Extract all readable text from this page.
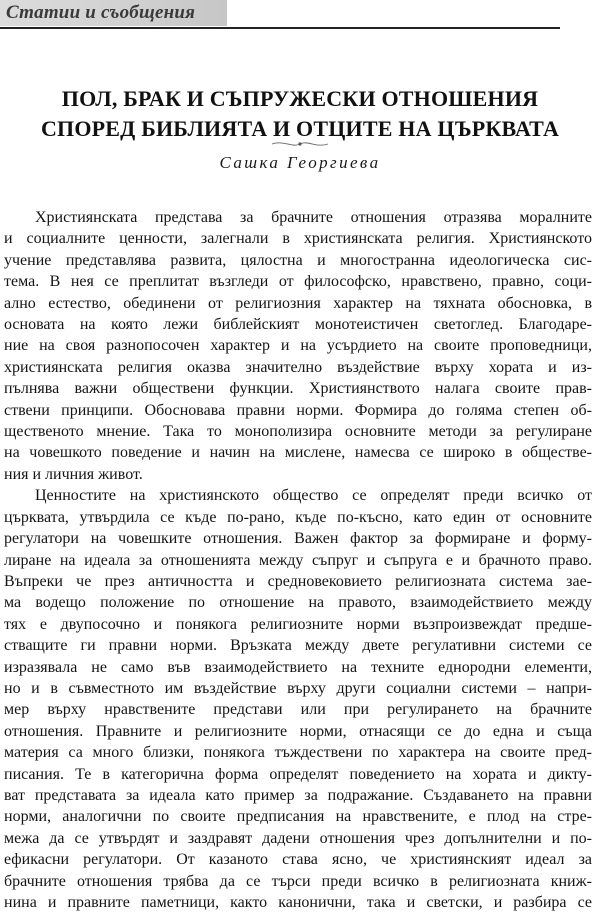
Статии и съобщения
ПОЛ, БРАК И СЪПРУЖЕСКИ ОТНОШЕНИЯ
СПОРЕД БИБЛИЯТА И ОТЦИТЕ НА ЦЪРКВАТА
Сашка Георгиева
Християнската представа за брачните отношения отразява моралните
и социалните ценности, залегнали в християнската религия. Християнското
учение представлява развита, цялостна и многостранна идеологическа сис-
тема. В нея се преплитат възгледи от философско, нравствено, правно, соци-
ално естество, обединени от религиозния характер на тяхната обосновка, в
основата на която лежи библейският монотеистичен светоглед. Благодаре-
ние на своя разнопосочен характер и на усърдието на своите проповедници,
християнската религия оказва значително въздействие върху хората и из-
пълнява важни обществени функции. Християнството налага своите прав-
ствени принципи. Обосновава правни норми. Формира до голяма степен об-
щественото мнение. Така то монополизира основните методи за регулиране
на човешкото поведение и начин на мислене, намесва се широко в обществе-
ния и личния живот.
Ценностите на християнското общество се определят преди всичко от
църквата, утвърдила се къде по-рано, къде по-късно, като един от основните
регулатори на човешките отношения. Важен фактор за формиране и форму-
лиране на идеала за отношенията между съпруг и съпруга е и брачното право.
Въпреки че през античността и средновековието религиозната система зае-
ма водещо положение по отношение на правото, взаимодействието между
тях е двупосочно и понякога религиозните норми възпроизвеждат предше-
стващите ги правни норми. Връзката между двете регулативни системи се
изразявала не само във взаимодействието на техните еднородни елементи,
но и в съвместното им въздействие върху други социални системи – напри-
мер върху нравствените представи или при регулирането на брачните
отношения. Правните и религиозните норми, отнасящи се до една и съща
материя са много близки, понякога тъждествени по характера на своите пред-
писания. Те в категорична форма определят поведението на хората и дикту-
ват представата за идеала като пример за подражание. Създаването на правни
норми, аналогични по своите предписания на нравствените, е плод на стре-
межа да се утвърдят и заздравят дадени отношения чрез допълнителни и по-
ефикасни регулатори. От казаното става ясно, че християнският идеал за
брачните отношения трябва да се търси преди всичко в религиозната книж-
нина и правните паметници, както канонични, така и светски, и разбира се
